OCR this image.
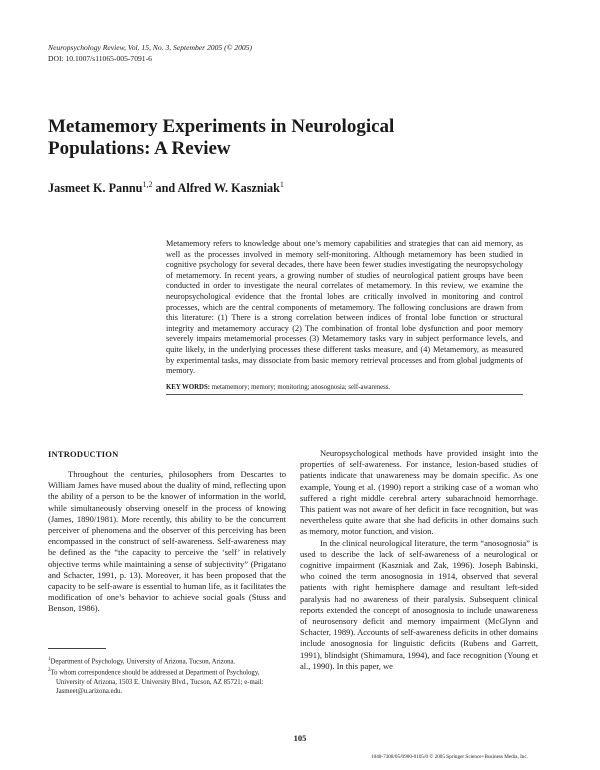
Neuropsychology Review, Vol. 15, No. 3, September 2005 (© 2005)
DOI: 10.1007/s11065-005-7091-6
Metamemory Experiments in Neurological Populations: A Review
Jasmeet K. Pannu$^{1,2}$ and Alfred W. Kaszniak$^1$

Metamemory refers to knowledge about one’s memory capabilities and strategies that can aid memory, as well as the processes involved in memory self-monitoring. Although metamemory has been studied in cognitive psychology for several decades, there have been fewer studies investigating the neuropsychology of metamemory. In recent years, a growing number of studies of neurological patient groups have been conducted in order to investigate the neural correlates of metamemory. In this review, we examine the neuropsychological evidence that the frontal lobes are critically involved in monitoring and control processes, which are the central components of metamemory. The following conclusions are drawn from this literature: (1) There is a strong correlation between indices of frontal lobe function or structural integrity and metamemory accuracy (2) The combination of frontal lobe dysfunction and poor memory severely impairs metamemorial processes (3) Metamemory tasks vary in subject performance levels, and quite likely, in the underlying processes these different tasks measure, and (4) Metamemory, as measured by experimental tasks, may dissociate from basic memory retrieval processes and from global judgments of memory.

KEY WORDS: metamemory; memory; monitoring; anosognosia; self-awareness.
INTRODUCTION

Throughout the centuries, philosophers from Descartes to William James have mused about the duality of mind, reflecting upon the ability of a person to be the knower of information in the world, while simultaneously observing oneself in the process of knowing (James, 1890/1981). More recently, this ability to be the concurrent perceiver of phenomena and the observer of this perceiving has been encompassed in the construct of self-awareness. Self-awareness may be defined as the “the capacity to perceive the ‘self’ in relatively objective terms while maintaining a sense of subjectivity” (Prigatano and Schacter, 1991, p. 13). Moreover, it has been proposed that the capacity to be self-aware is essential to human life, as it facilitates the modification of one’s behavior to achieve social goals (Stuss and Benson, 1986).

Neuropsychological methods have provided insight into the properties of self-awareness. For instance, lesion-based studies of patients indicate that unawareness may be domain specific. As one example, Young et al. (1990) report a striking case of a woman who suffered a right middle cerebral artery subarachnoid hemorrhage. This patient was not aware of her deficit in face recognition, but was nevertheless quite aware that she had deficits in other domains such as memory, motor function, and vision.

In the clinical neurological literature, the term “anosognosia” is used to describe the lack of self-awareness of a neurological or cognitive impairment (Kaszniak and Zak, 1996). Joseph Babinski, who coined the term anosognosia in 1914, observed that several patients with right hemisphere damage and resultant left-sided paralysis had no awareness of their paralysis. Subsequent clinical reports extended the concept of anosognosia to include unawareness of neurosensory deficit and memory impairment (McGlynn and Schacter, 1989). Accounts of self-awareness deficits in other domains include anosognosia for linguistic deficits (Rubens and Garrett, 1991), blindsight (Shimamura, 1994), and face recognition (Young et al., 1990). In this paper, we

$^1$Department of Psychology, University of Arizona, Tucson, Arizona.
$^2$To whom correspondence should be addressed at Department of Psychology, University of Arizona, 1503 E. University Blvd., Tucson, AZ 85721; e-mail: Jasmeet@u.arizona.edu.
105
1040-7308/05/0900-0105/0 © 2005 Springer Science+Business Media, Inc.
